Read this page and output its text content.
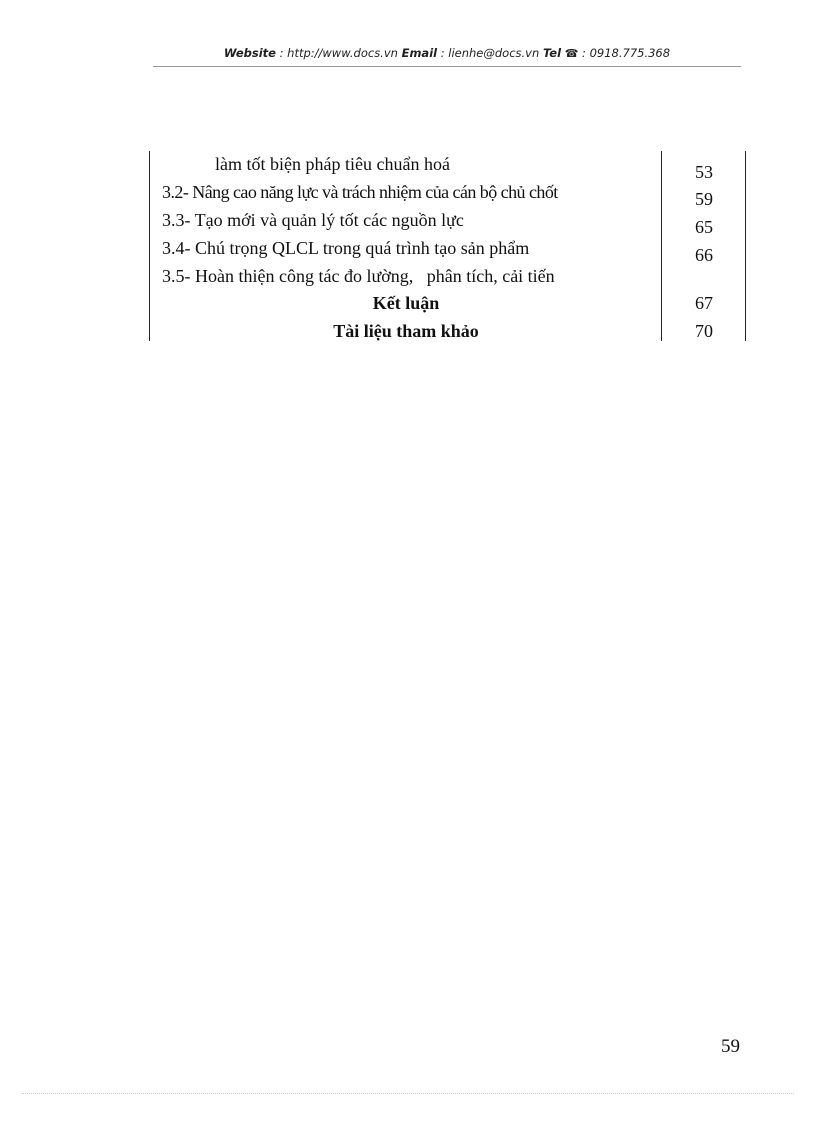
Website : http://www.docs.vn Email : lienhe@docs.vn Tel ☎ : 0918.775.368
làm tốt biện pháp tiêu chuẩn hoá	53
3.2- Nâng cao năng lực và trách nhiệm của cán bộ chủ chốt	59
3.3- Tạo mới và quản lý tốt các nguồn lực	65
3.4- Chú trọng QLCL trong quá trình tạo sản phẩm	66
3.5- Hoàn thiện công tác đo lường,   phân tích, cải tiến
Kết luận	67
Tài liệu tham khảo	70
59
